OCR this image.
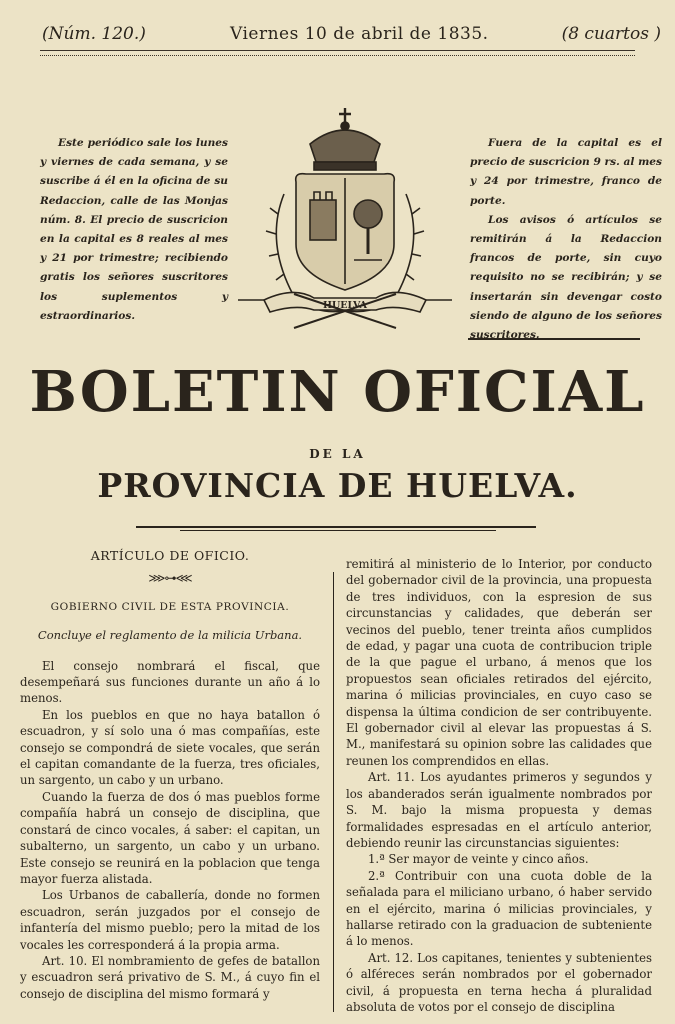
(Núm. 120.)	Viernes 10 de abril de 1835.	(8 cuartos )

Este periódico sale los lunes y viernes de cada semana, y se suscribe á él en la oficina de su Redaccion, calle de las Monjas núm. 8. El precio de suscricion en la capital es 8 reales al mes y 21 por trimestre; recibiendo gratis los señores suscritores los suplementos y estraordinarios.

HUELVA

Fuera de la capital es el precio de suscricion 9 rs. al mes y 24 por trimestre, franco de porte.

Los avisos ó artículos se remitirán á la Redaccion francos de porte, sin cuyo requisito no se recibirán; y se insertarán sin devengar costo siendo de alguno de los señores suscritores.

BOLETIN OFICIAL
DE LA
PROVINCIA DE HUELVA.
ARTÍCULO DE OFICIO.
⋙⊶⋘
GOBIERNO CIVIL DE ESTA PROVINCIA.
Concluye el reglamento de la milicia Urbana.

El consejo nombrará el fiscal, que desempeñará sus funciones durante un año á lo menos.

En los pueblos en que no haya batallon ó escuadron, y sí solo una ó mas compañías, este consejo se compondrá de siete vocales, que serán el capitan comandante de la fuerza, tres oficiales, un sargento, un cabo y un urbano.

Cuando la fuerza de dos ó mas pueblos forme compañía habrá un consejo de disciplina, que constará de cinco vocales, á saber: el capitan, un subalterno, un sargento, un cabo y un urbano. Este consejo se reunirá en la poblacion que tenga mayor fuerza alistada.

Los Urbanos de caballería, donde no formen escuadron, serán juzgados por el consejo de infantería del mismo pueblo; pero la mitad de los vocales les corresponderá á la propia arma.

Art. 10. El nombramiento de gefes de batallon y escuadron será privativo de S. M., á cuyo fin el consejo de disciplina del mismo formará y

remitirá al ministerio de lo Interior, por conducto del gobernador civil de la provincia, una propuesta de tres individuos, con la espresion de sus circunstancias y calidades, que deberán ser vecinos del pueblo, tener treinta años cumplidos de edad, y pagar una cuota de contribucion triple de la que pague el urbano, á menos que los propuestos sean oficiales retirados del ejército, marina ó milicias provinciales, en cuyo caso se dispensa la última condicion de ser contribuyente. El gobernador civil al elevar las propuestas á S. M., manifestará su opinion sobre las calidades que reunen los comprendidos en ellas.

Art. 11. Los ayudantes primeros y segundos y los abanderados serán igualmente nombrados por S. M. bajo la misma propuesta y demas formalidades espresadas en el artículo anterior, debiendo reunir las circunstancias siguientes:

1.ª Ser mayor de veinte y cinco años.

2.ª Contribuir con una cuota doble de la señalada para el miliciano urbano, ó haber servido en el ejército, marina ó milicias provinciales, y hallarse retirado con la graduacion de subteniente á lo menos.

Art. 12. Los capitanes, tenientes y subtenientes ó alféreces serán nombrados por el gobernador civil, á propuesta en terna hecha á pluralidad absoluta de votos por el consejo de disciplina
